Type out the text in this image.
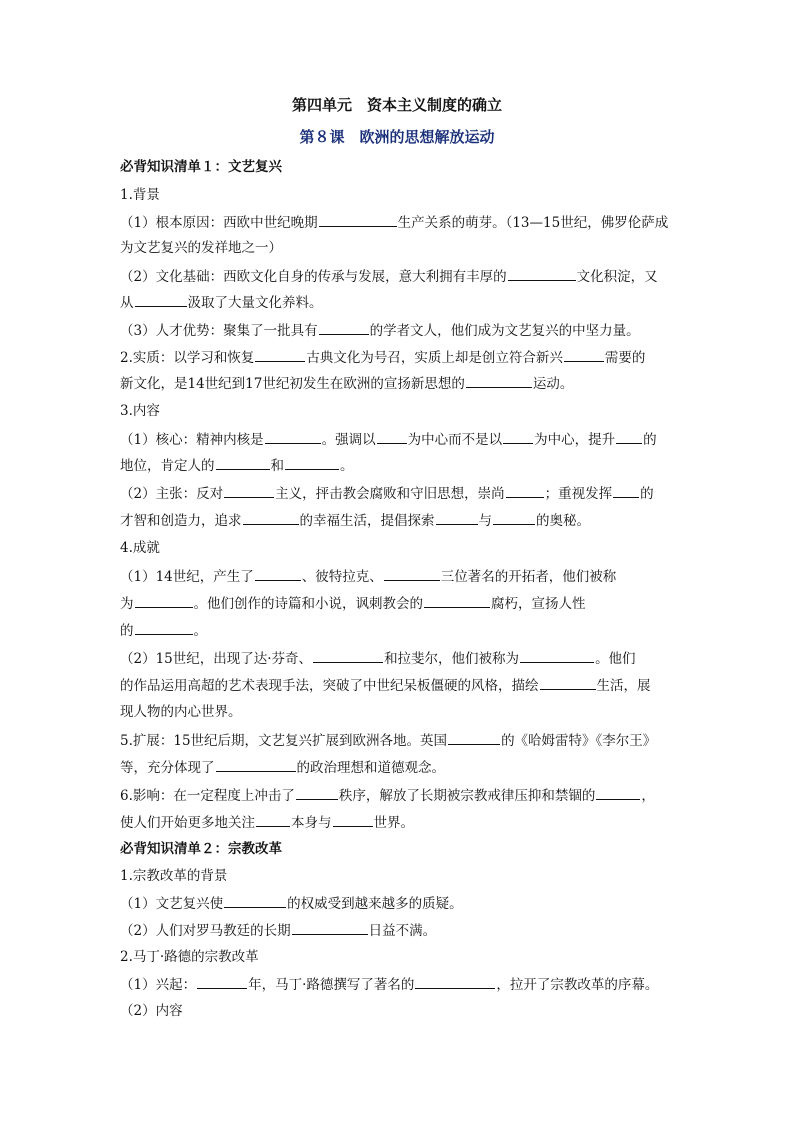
第四单元　资本主义制度的确立
第８课　欧洲的思想解放运动
必背知识清单１：文艺复兴
1.背景
（1）根本原因：西欧中世纪晚期	生产关系的萌芽。（13—15世纪，佛罗伦萨成
为文艺复兴的发祥地之一）
（2）文化基础：西欧文化自身的传承与发展，意大利拥有丰厚的	文化积淀，又
从	汲取了大量文化养料。
（3）人才优势：聚集了一批具有	的学者文人，他们成为文艺复兴的中坚力量。
2.实质：以学习和恢复	古典文化为号召，实质上却是创立符合新兴	需要的
新文化，是14世纪到17世纪初发生在欧洲的宣扬新思想的	运动。
3.内容
（1）核心：精神内核是	。强调以 为中心而不是以 为中心，提升 的
地位，肯定人的	和	。
（2）主张：反对	主义，抨击教会腐败和守旧思想，崇尚	；重视发挥 的
才智和创造力，追求	的幸福生活，提倡探索	与	的奥秘。
4.成就
（1）14世纪，产生了	、彼特拉克、	三位著名的开拓者，他们被称
为	。他们创作的诗篇和小说，讽刺教会的	腐朽，宣扬人性
的	。
（2）15世纪，出现了达·芬奇、	和拉斐尔，他们被称为	。他们
的作品运用高超的艺术表现手法，突破了中世纪呆板僵硬的风格，描绘	生活，展
现人物的内心世界。
5.扩展：15世纪后期，文艺复兴扩展到欧洲各地。英国	的《哈姆雷特》《李尔王》
等，充分体现了	的政治理想和道德观念。
6.影响：在一定程度上冲击了	秩序，解放了长期被宗教戒律压抑和禁锢的	，
使人们开始更多地关注	本身与	世界。
必背知识清单２：宗教改革
1.宗教改革的背景
（1）文艺复兴使	的权威受到越来越多的质疑。
（2）人们对罗马教廷的长期	日益不满。
2.马丁·路德的宗教改革
（1）兴起：	年，马丁·路德撰写了著名的	，拉开了宗教改革的序幕。
（2）内容
